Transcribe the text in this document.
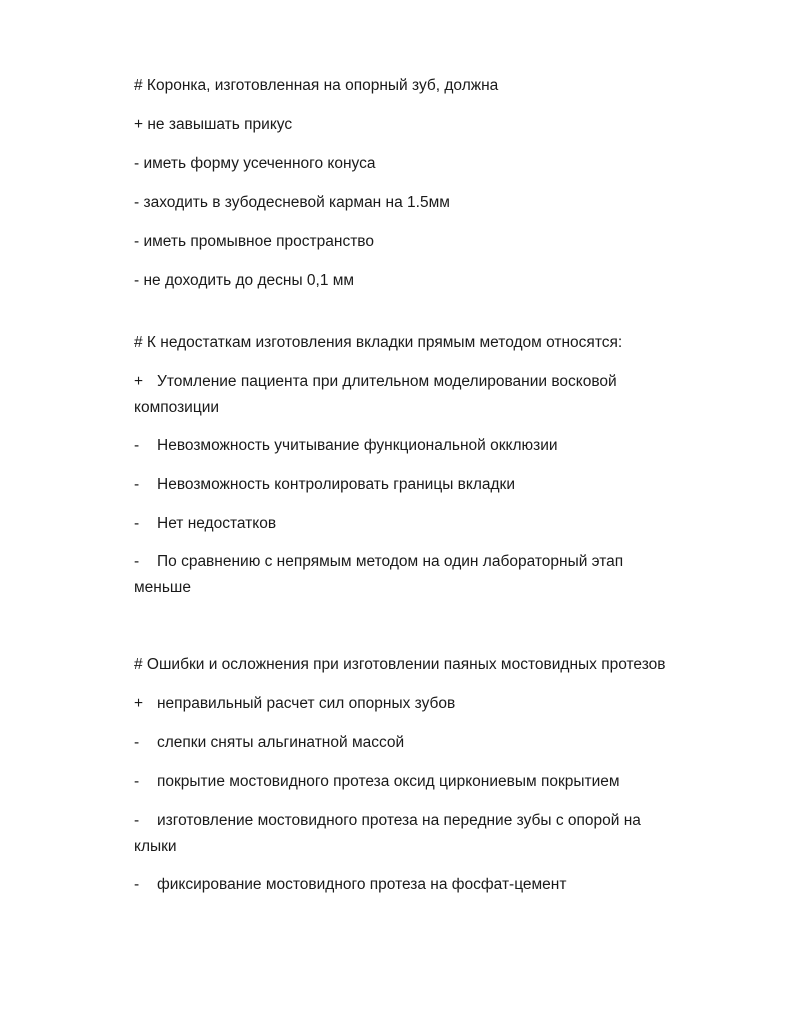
# Коронка, изготовленная на опорный зуб, должна
+ не завышать прикус
- иметь форму усеченного конуса
- заходить в зубодесневой карман на 1.5мм
- иметь промывное пространство
- не доходить до десны 0,1 мм
# К недостаткам изготовления вкладки прямым методом относятся:
+ Утомление пациента при длительном моделировании восковой
композиции
- Невозможность учитывание функциональной окклюзии
- Невозможность контролировать границы вкладки
- Нет недостатков
- По сравнению с непрямым методом на один лабораторный этап
меньше
# Ошибки и осложнения при изготовлении паяных мостовидных протезов
+ неправильный расчет сил опорных зубов
- слепки сняты альгинатной массой
- покрытие мостовидного протеза оксид циркониевым покрытием
- изготовление мостовидного протеза на передние зубы с опорой на
клыки
- фиксирование мостовидного протеза на фосфат-цемент
